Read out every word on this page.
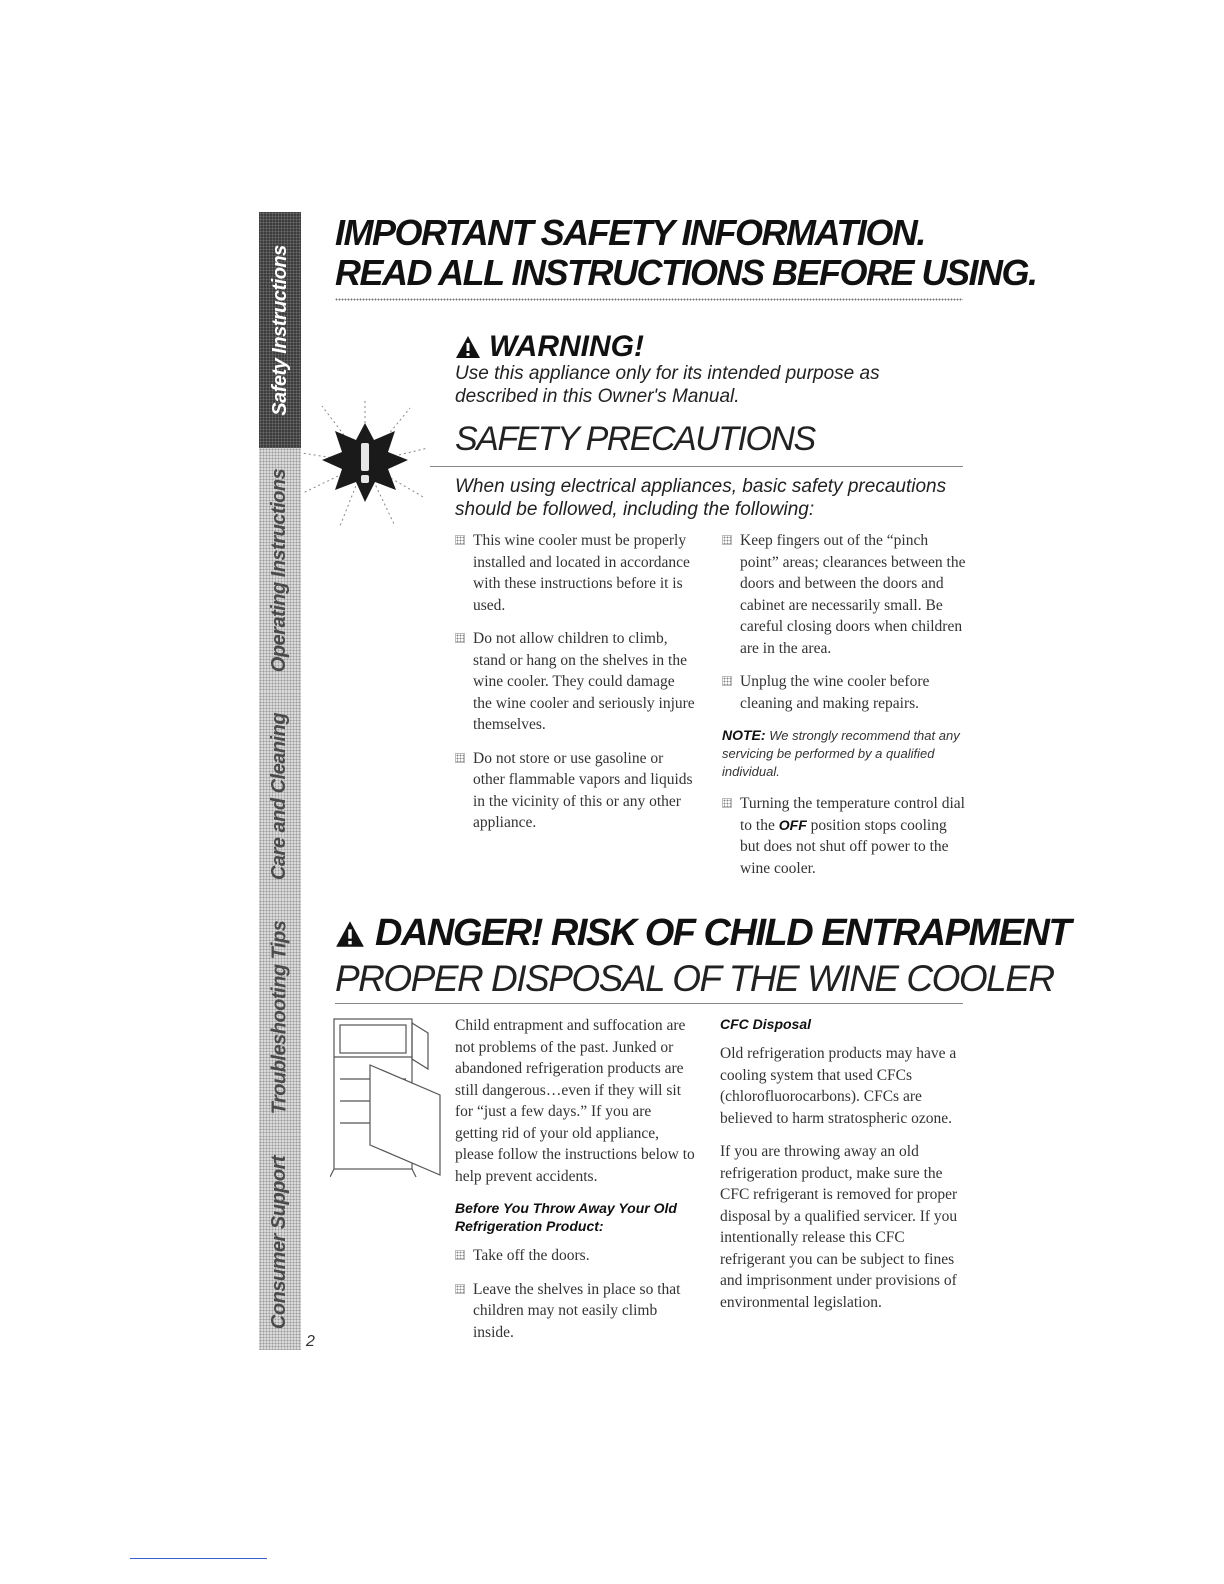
Safety Instructions
Operating Instructions
Care and Cleaning
Troubleshooting Tips
Consumer Support
2
IMPORTANT SAFETY INFORMATION.
READ ALL INSTRUCTIONS BEFORE USING.
WARNING!
Use this appliance only for its intended purpose as described in this Owner's Manual.
SAFETY PRECAUTIONS
When using electrical appliances, basic safety precautions should be followed, including the following:

This wine cooler must be properly installed and located in accordance with these instructions before it is used.

Do not allow children to climb, stand or hang on the shelves in the wine cooler. They could damage the wine cooler and seriously injure themselves.

Do not store or use gasoline or other flammable vapors and liquids in the vicinity of this or any other appliance.

Keep fingers out of the “pinch point” areas; clearances between the doors and between the doors and cabinet are necessarily small. Be careful closing doors when children are in the area.

Unplug the wine cooler before cleaning and making repairs.

NOTE: We strongly recommend that any servicing be performed by a qualified individual.

Turning the temperature control dial to the OFF position stops cooling but does not shut off power to the wine cooler.

DANGER! RISK OF CHILD ENTRAPMENT
PROPER DISPOSAL OF THE WINE COOLER

Child entrapment and suffocation are not problems of the past. Junked or abandoned refrigeration products are still dangerous…even if they will sit for “just a few days.” If you are getting rid of your old appliance, please follow the instructions below to help prevent accidents.

Before You Throw Away Your Old Refrigeration Product:

Take off the doors.

Leave the shelves in place so that children may not easily climb inside.

CFC Disposal

Old refrigeration products may have a cooling system that used CFCs (chlorofluorocarbons). CFCs are believed to harm stratospheric ozone.

If you are throwing away an old refrigeration product, make sure the CFC refrigerant is removed for proper disposal by a qualified servicer. If you intentionally release this CFC refrigerant you can be subject to fines and imprisonment under provisions of environmental legislation.
